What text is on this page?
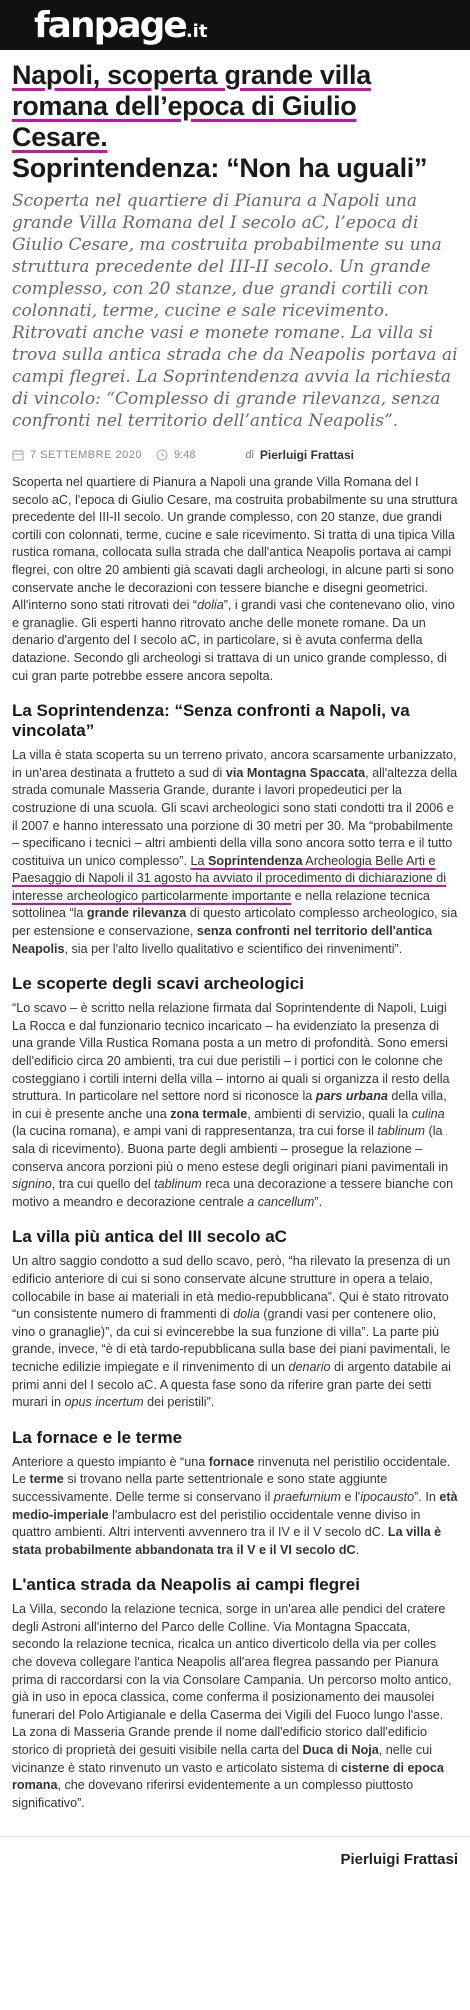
fanpage .it
Napoli, scoperta grande villa
romana dell’epoca di Giulio Cesare.
Soprintendenza: “Non ha uguali”

Scoperta nel quartiere di Pianura a Napoli una grande Villa Romana del I secolo aC, l’epoca di Giulio Cesare, ma costruita probabilmente su una struttura precedente del III-II secolo. Un grande complesso, con 20 stanze, due grandi cortili con colonnati, terme, cucine e sale ricevimento. Ritrovati anche vasi e monete romane. La villa si trova sulla antica strada che da Neapolis portava ai campi flegrei. La Soprintendenza avvia la richiesta di vincolo: “Complesso di grande rilevanza, senza confronti nel territorio dell’antica Neapolis”.

7 SETTEMBRE 2020	9:48	di Pierluigi Frattasi

Scoperta nel quartiere di Pianura a Napoli una grande Villa Romana del I secolo aC, l'epoca di Giulio Cesare, ma costruita probabilmente su una struttura precedente del III-II secolo. Un grande complesso, con 20 stanze, due grandi cortili con colonnati, terme, cucine e sale ricevimento. Si tratta di una tipica Villa rustica romana, collocata sulla strada che dall'antica Neapolis portava ai campi flegrei, con oltre 20 ambienti già scavati dagli archeologi, in alcune parti si sono conservate anche le decorazioni con tessere bianche e disegni geometrici. All'interno sono stati ritrovati dei “dolia”, i grandi vasi che contenevano olio, vino e granaglie. Gli esperti hanno ritrovato anche delle monete romane. Da un denario d'argento del I secolo aC, in particolare, si è avuta conferma della datazione. Secondo gli archeologi si trattava di un unico grande complesso, di cui gran parte potrebbe essere ancora sepolta.

La Soprintendenza: “Senza confronti a Napoli, va vincolata”

La villa è stata scoperta su un terreno privato, ancora scarsamente urbanizzato, in un'area destinata a frutteto a sud di via Montagna Spaccata, all'altezza della strada comunale Masseria Grande, durante i lavori propedeutici per la costruzione di una scuola. Gli scavi archeologici sono stati condotti tra il 2006 e il 2007 e hanno interessato una porzione di 30 metri per 30. Ma “probabilmente – specificano i tecnici – altri ambienti della villa sono ancora sotto terra e il tutto costituiva un unico complesso”. La Soprintendenza Archeologia Belle Arti e Paesaggio di Napoli il 31 agosto ha avviato il procedimento di dichiarazione di interesse archeologico particolarmente importante e nella relazione tecnica sottolinea “la grande rilevanza di questo articolato complesso archeologico, sia per estensione e conservazione, senza confronti nel territorio dell'antica Neapolis, sia per l'alto livello qualitativo e scientifico dei rinvenimenti”.

Le scoperte degli scavi archeologici

“Lo scavo – è scritto nella relazione firmata dal Soprintendente di Napoli, Luigi La Rocca e dal funzionario tecnico incaricato – ha evidenziato la presenza di una grande Villa Rustica Romana posta a un metro di profondità. Sono emersi dell'edificio circa 20 ambienti, tra cui due peristili – i portici con le colonne che costeggiano i cortili interni della villa – intorno ai quali si organizza il resto della struttura. In particolare nel settore nord si riconosce la pars urbana della villa, in cui è presente anche una zona termale, ambienti di servizio, quali la culina (la cucina romana), e ampi vani di rappresentanza, tra cui forse il tablinum (la sala di ricevimento). Buona parte degli ambienti – prosegue la relazione – conserva ancora porzioni più o meno estese degli originari piani pavimentali in signino, tra cui quello del tablinum reca una decorazione a tessere bianche con motivo a meandro e decorazione centrale a cancellum”.

La villa più antica del III secolo aC

Un altro saggio condotto a sud dello scavo, però, “ha rilevato la presenza di un edificio anteriore di cui si sono conservate alcune strutture in opera a telaio, collocabile in base ai materiali in età medio-repubblicana”. Qui è stato ritrovato “un consistente numero di frammenti di dolia (grandi vasi per contenere olio, vino o granaglie)”, da cui si evincerebbe la sua funzione di villa”. La parte più grande, invece, “è di età tardo-repubblicana sulla base dei piani pavimentali, le tecniche edilizie impiegate e il rinvenimento di un denario di argento databile ai primi anni del I secolo aC. A questa fase sono da riferire gran parte dei setti murari in opus incertum dei peristili”.

La fornace e le terme

Anteriore a questo impianto è “una fornace rinvenuta nel peristilio occidentale. Le terme si trovano nella parte settentrionale e sono state aggiunte successivamente. Delle terme si conservano il praefurnium e l'ipocausto”. In età medio-imperiale l'ambulacro est del peristilio occidentale venne diviso in quattro ambienti. Altri interventi avvennero tra il IV e il V secolo dC. La villa è stata probabilmente abbandonata tra il V e il VI secolo dC.

L'antica strada da Neapolis ai campi flegrei

La Villa, secondo la relazione tecnica, sorge in un'area alle pendici del cratere degli Astroni all'interno del Parco delle Colline. Via Montagna Spaccata, secondo la relazione tecnica, ricalca un antico diverticolo della via per colles che doveva collegare l'antica Neapolis all'area flegrea passando per Pianura prima di raccordarsi con la via Consolare Campania. Un percorso molto antico, già in uso in epoca classica, come conferma il posizionamento dei mausolei funerari del Polo Artigianale e della Caserma dei Vigili del Fuoco lungo l'asse. La zona di Masseria Grande prende il nome dall'edificio storico dall'edificio storico di proprietà dei gesuiti visibile nella carta del Duca di Noja, nelle cui vicinanze è stato rinvenuto un vasto e articolato sistema di cisterne di epoca romana, che dovevano riferirsi evidentemente a un complesso piuttosto significativo”.

Pierluigi Frattasi
